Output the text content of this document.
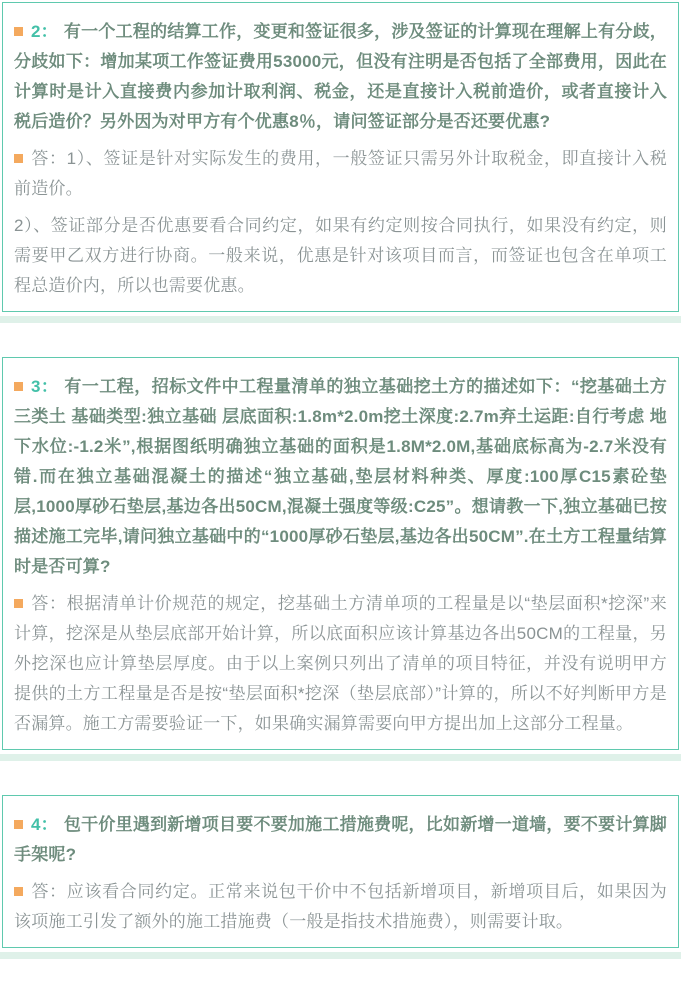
2： 有一个工程的结算工作，变更和签证很多，涉及签证的计算现在理解上有分歧，分歧如下：增加某项工作签证费用53000元，但没有注明是否包括了全部费用，因此在计算时是计入直接费内参加计取利润、税金，还是直接计入税前造价，或者直接计入税后造价？另外因为对甲方有个优惠8％，请问签证部分是否还要优惠?

答：1）、签证是针对实际发生的费用，一般签证只需另外计取税金，即直接计入税前造价。

2）、签证部分是否优惠要看合同约定，如果有约定则按合同执行，如果没有约定，则需要甲乙双方进行协商。一般来说，优惠是针对该项目而言，而签证也包含在单项工程总造价内，所以也需要优惠。

3： 有一工程，招标文件中工程量清单的独立基础挖土方的描述如下：“挖基础土方 三类土 基础类型:独立基础 层底面积:1.8m*2.0m挖土深度:2.7m弃土运距:自行考虑 地下水位:-1.2米”,根据图纸明确独立基础的面积是1.8M*2.0M,基础底标高为-2.7米没有错.而在独立基础混凝土的描述“独立基础,垫层材料种类、厚度:100厚C15素砼垫层,1000厚砂石垫层,基边各出50CM,混凝土强度等级:C25”。想请教一下,独立基础已按描述施工完毕,请问独立基础中的“1000厚砂石垫层,基边各出50CM”.在土方工程量结算时是否可算?

答：根据清单计价规范的规定，挖基础土方清单项的工程量是以“垫层面积*挖深”来计算，挖深是从垫层底部开始计算，所以底面积应该计算基边各出50CM的工程量，另外挖深也应计算垫层厚度。由于以上案例只列出了清单的项目特征，并没有说明甲方提供的土方工程量是否是按“垫层面积*挖深（垫层底部）”计算的，所以不好判断甲方是否漏算。施工方需要验证一下，如果确实漏算需要向甲方提出加上这部分工程量。

4： 包干价里遇到新增项目要不要加施工措施费呢，比如新增一道墙，要不要计算脚手架呢?

答：应该看合同约定。正常来说包干价中不包括新增项目，新增项目后，如果因为该项施工引发了额外的施工措施费（一般是指技术措施费），则需要计取。
